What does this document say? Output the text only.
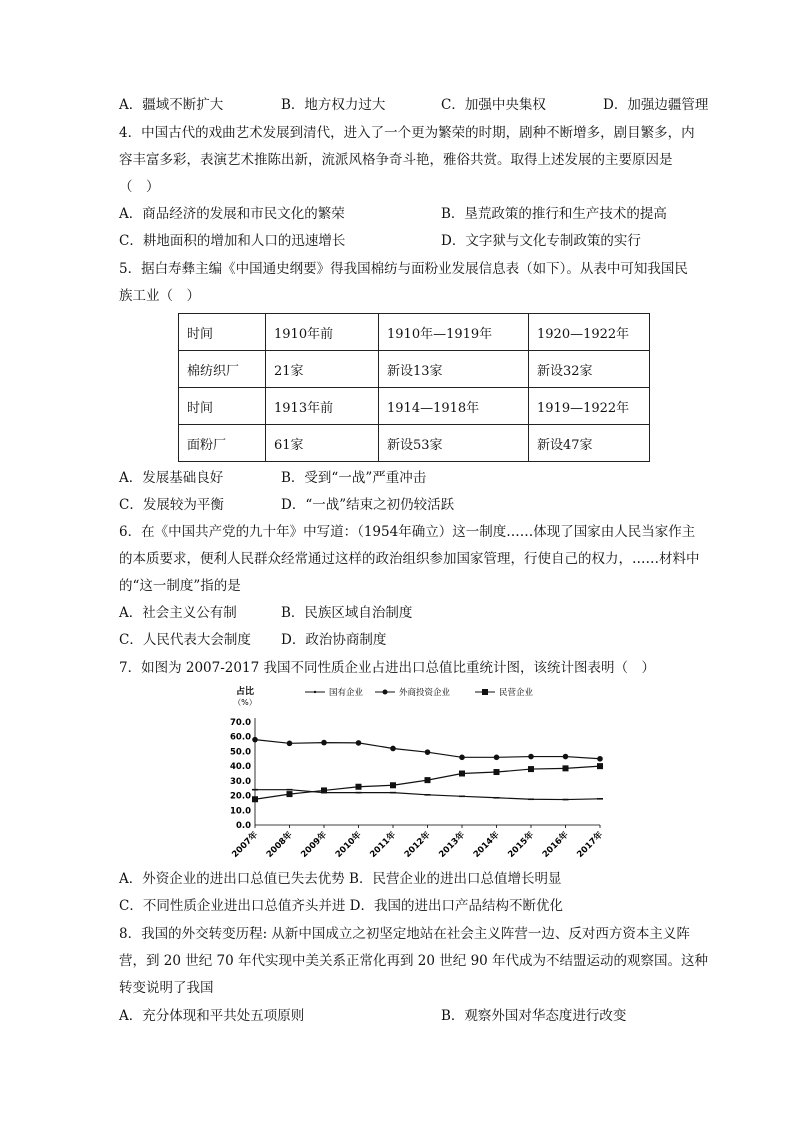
A．疆域不断扩大	B．地方权力过大	C．加强中央集权	D．加强边疆管理
4．中国古代的戏曲艺术发展到清代，进入了一个更为繁荣的时期，剧种不断增多，剧目繁多，内
容丰富多彩，表演艺术推陈出新，流派风格争奇斗艳，雅俗共赏。取得上述发展的主要原因是
（　）
A．商品经济的发展和市民文化的繁荣	B．垦荒政策的推行和生产技术的提高
C．耕地面积的增加和人口的迅速增长	D．文字狱与文化专制政策的实行
5．据白寿彝主编《中国通史纲要》得我国棉纺与面粉业发展信息表（如下）。从表中可知我国民
族工业（　）
时间	1910年前	1910年—1919年	1920—1922年
棉纺织厂	21家	新设13家	新设32家
时间	1913年前	1914—1918年	1919—1922年
面粉厂	61家	新设53家	新设47家
A．发展基础良好	B．受到“一战”严重冲击
C．发展较为平衡	D．“一战”结束之初仍较活跃
6．在《中国共产党的九十年》中写道：（1954年确立）这一制度……体现了国家由人民当家作主
的本质要求，便利人民群众经常通过这样的政治组织参加国家管理，行使自己的权力，……材料中
的“这一制度”指的是
A．社会主义公有制	B．民族区域自治制度
C．人民代表大会制度 D．政治协商制度
7．如图为 2007-2017 我国不同性质企业占进出口总值比重统计图，该统计图表明（　）
国有企业	外商投资企业	民营企业
占比
（%）
0.0
10.0
20.0
30.0
40.0
50.0
60.0
70.0
2007年 2008年 2009年 2010年 2011年 2012年 2013年 2014年 2015年 2016年 2017年
A．外资企业的进出口总值已失去优势 B．民营企业的进出口总值增长明显
C．不同性质企业进出口总值齐头并进 D．我国的进出口产品结构不断优化
8．我国的外交转变历程: 从新中国成立之初坚定地站在社会主义阵营一边、反对西方资本主义阵
营，到 20 世纪 70 年代实现中美关系正常化再到 20 世纪 90 年代成为不结盟运动的观察国。这种
转变说明了我国
A．充分体现和平共处五项原则	B．观察外国对华态度进行改变
